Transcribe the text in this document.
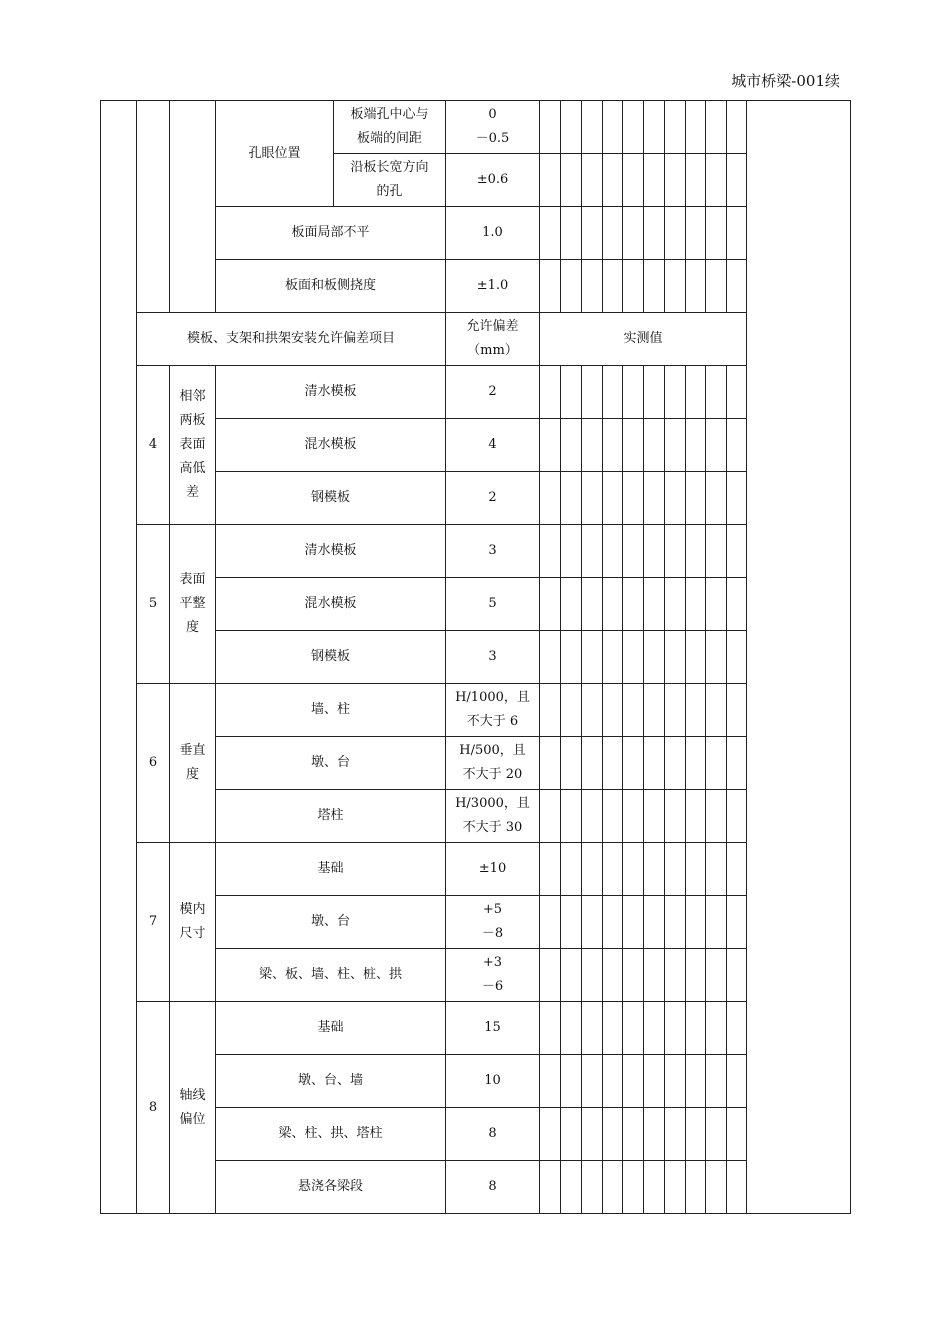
城市桥梁-001续
			孔眼位置	板端孔中心与
板端的间距	0
－0.5											
				沿板长宽方向
的孔	±0.6											
			板面局部不平		1.0											
			板面和板侧挠度		±1.0											
	模板、支架和拱架安装允许偏差项目				允许偏差
（mm）	实测值										
	4	相邻
两板
表面
高低
差	清水模板		2											
			混水模板		4											
			钢模板		2											
	5	表面
平整
度	清水模板		3											
			混水模板		5											
			钢模板		3											
	6	垂直
度	墙、柱		H/1000，且
不大于 6											
			墩、台		H/500，且
不大于 20											
			塔柱		H/3000，且
不大于 30											
	7	模内
尺寸	基础		±10											
			墩、台		+5
－8											
			梁、板、墙、柱、桩、拱		+3
－6											
	8	轴线
偏位	基础		15											
			墩、台、墙		10											
			梁、柱、拱、塔柱		8											
			悬浇各梁段		8											
